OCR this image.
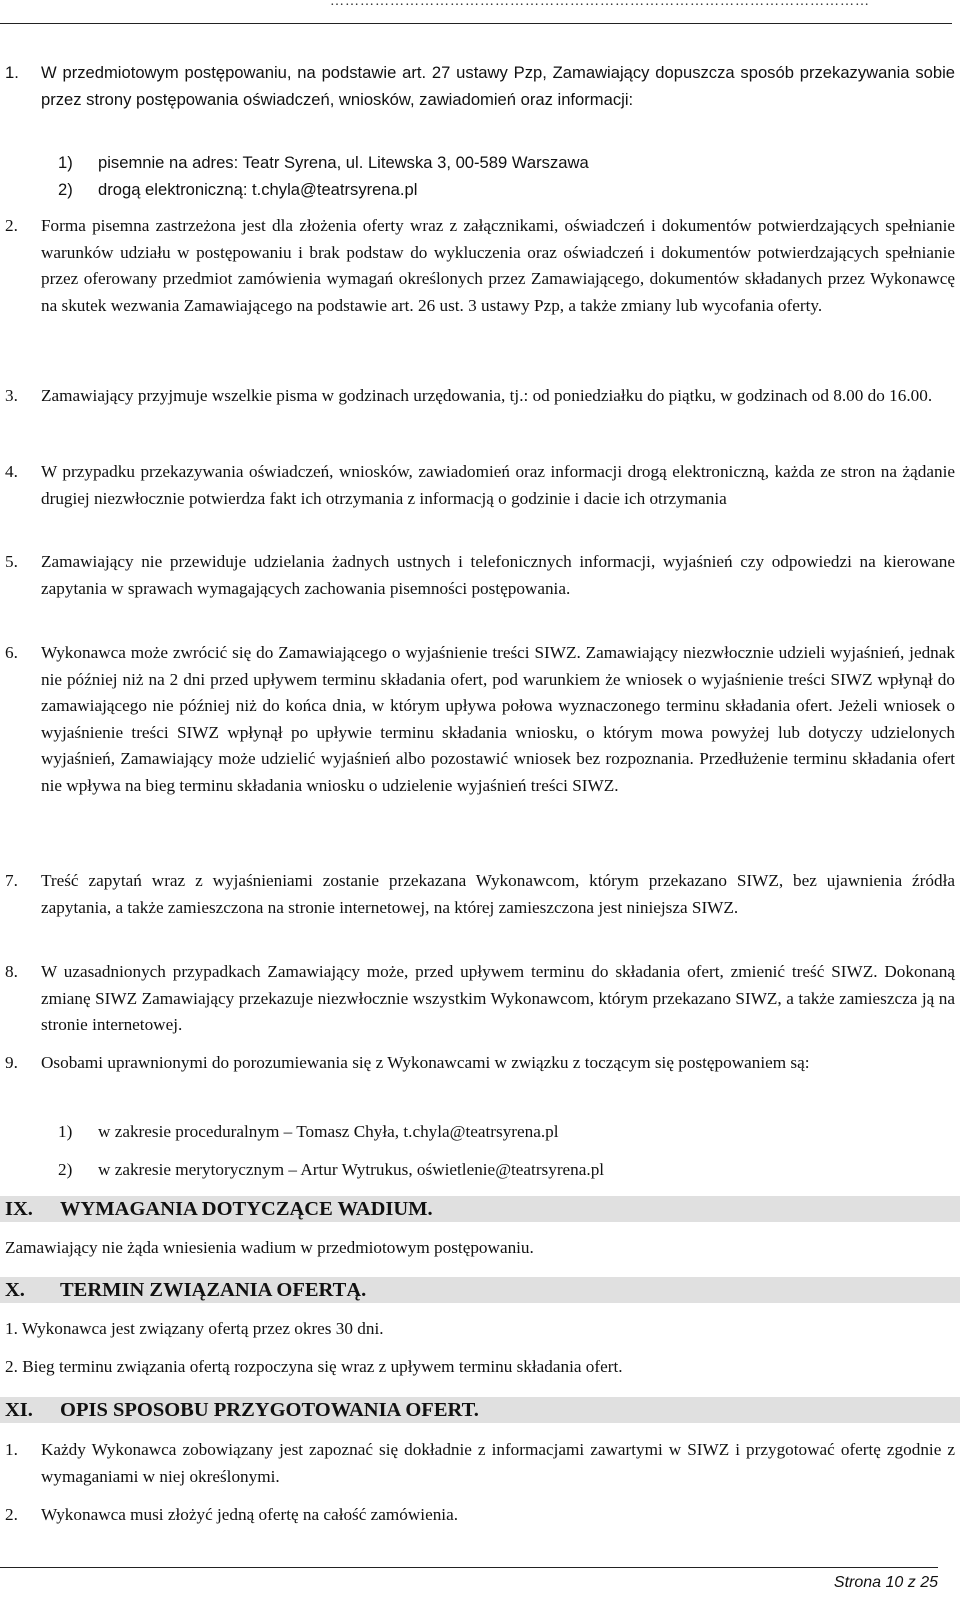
………………………………………………………………………………………………
1. W przedmiotowym postępowaniu, na podstawie art. 27 ustawy Pzp, Zamawiający dopuszcza sposób przekazywania sobie przez strony postępowania oświadczeń, wniosków, zawiadomień oraz informacji:
1) pisemnie na adres: Teatr Syrena, ul. Litewska 3, 00-589 Warszawa
2) drogą elektroniczną: t.chyla@teatrsyrena.pl
2. Forma pisemna zastrzeżona jest dla złożenia oferty wraz z załącznikami, oświadczeń i dokumentów potwierdzających spełnianie warunków udziału w postępowaniu i brak podstaw do wykluczenia oraz oświadczeń i dokumentów potwierdzających spełnianie przez oferowany przedmiot zamówienia wymagań określonych przez Zamawiającego, dokumentów składanych przez Wykonawcę na skutek wezwania Zamawiającego na podstawie art. 26 ust. 3 ustawy Pzp, a także zmiany lub wycofania oferty.
3. Zamawiający przyjmuje wszelkie pisma w godzinach urzędowania, tj.: od poniedziałku do piątku, w godzinach od 8.00 do 16.00.
4. W przypadku przekazywania oświadczeń, wniosków, zawiadomień oraz informacji drogą elektroniczną, każda ze stron na żądanie drugiej niezwłocznie potwierdza fakt ich otrzymania z informacją o godzinie i dacie ich otrzymania
5. Zamawiający nie przewiduje udzielania żadnych ustnych i telefonicznych informacji, wyjaśnień czy odpowiedzi na kierowane zapytania w sprawach wymagających zachowania pisemności postępowania.
6. Wykonawca może zwrócić się do Zamawiającego o wyjaśnienie treści SIWZ. Zamawiający niezwłocznie udzieli wyjaśnień, jednak nie później niż na 2 dni przed upływem terminu składania ofert, pod warunkiem że wniosek o wyjaśnienie treści SIWZ wpłynął do zamawiającego nie później niż do końca dnia, w którym upływa połowa wyznaczonego terminu składania ofert. Jeżeli wniosek o wyjaśnienie treści SIWZ wpłynął po upływie terminu składania wniosku, o którym mowa powyżej lub dotyczy udzielonych wyjaśnień, Zamawiający może udzielić wyjaśnień albo pozostawić wniosek bez rozpoznania. Przedłużenie terminu składania ofert nie wpływa na bieg terminu składania wniosku o udzielenie wyjaśnień treści SIWZ.
7. Treść zapytań wraz z wyjaśnieniami zostanie przekazana Wykonawcom, którym przekazano SIWZ, bez ujawnienia źródła zapytania, a także zamieszczona na stronie internetowej, na której zamieszczona jest niniejsza SIWZ.
8. W uzasadnionych przypadkach Zamawiający może, przed upływem terminu do składania ofert, zmienić treść SIWZ. Dokonaną zmianę SIWZ Zamawiający przekazuje niezwłocznie wszystkim Wykonawcom, którym przekazano SIWZ, a także zamieszcza ją na stronie internetowej.
9. Osobami uprawnionymi do porozumiewania się z Wykonawcami w związku z toczącym się postępowaniem są:
1) w zakresie proceduralnym – Tomasz Chyła, t.chyla@teatrsyrena.pl
2) w zakresie merytorycznym – Artur Wytrukus, oświetlenie@teatrsyrena.pl
IX. WYMAGANIA DOTYCZĄCE WADIUM.
Zamawiający nie żąda wniesienia wadium w przedmiotowym postępowaniu.
X. TERMIN ZWIĄZANIA OFERTĄ.
1. Wykonawca jest związany ofertą przez okres 30 dni.
2. Bieg terminu związania ofertą rozpoczyna się wraz z upływem terminu składania ofert.
XI. OPIS SPOSOBU PRZYGOTOWANIA OFERT.
1. Każdy Wykonawca zobowiązany jest zapoznać się dokładnie z informacjami zawartymi w SIWZ i przygotować ofertę zgodnie z wymaganiami w niej określonymi.
2. Wykonawca musi złożyć jedną ofertę na całość zamówienia.
Strona 10 z 25
